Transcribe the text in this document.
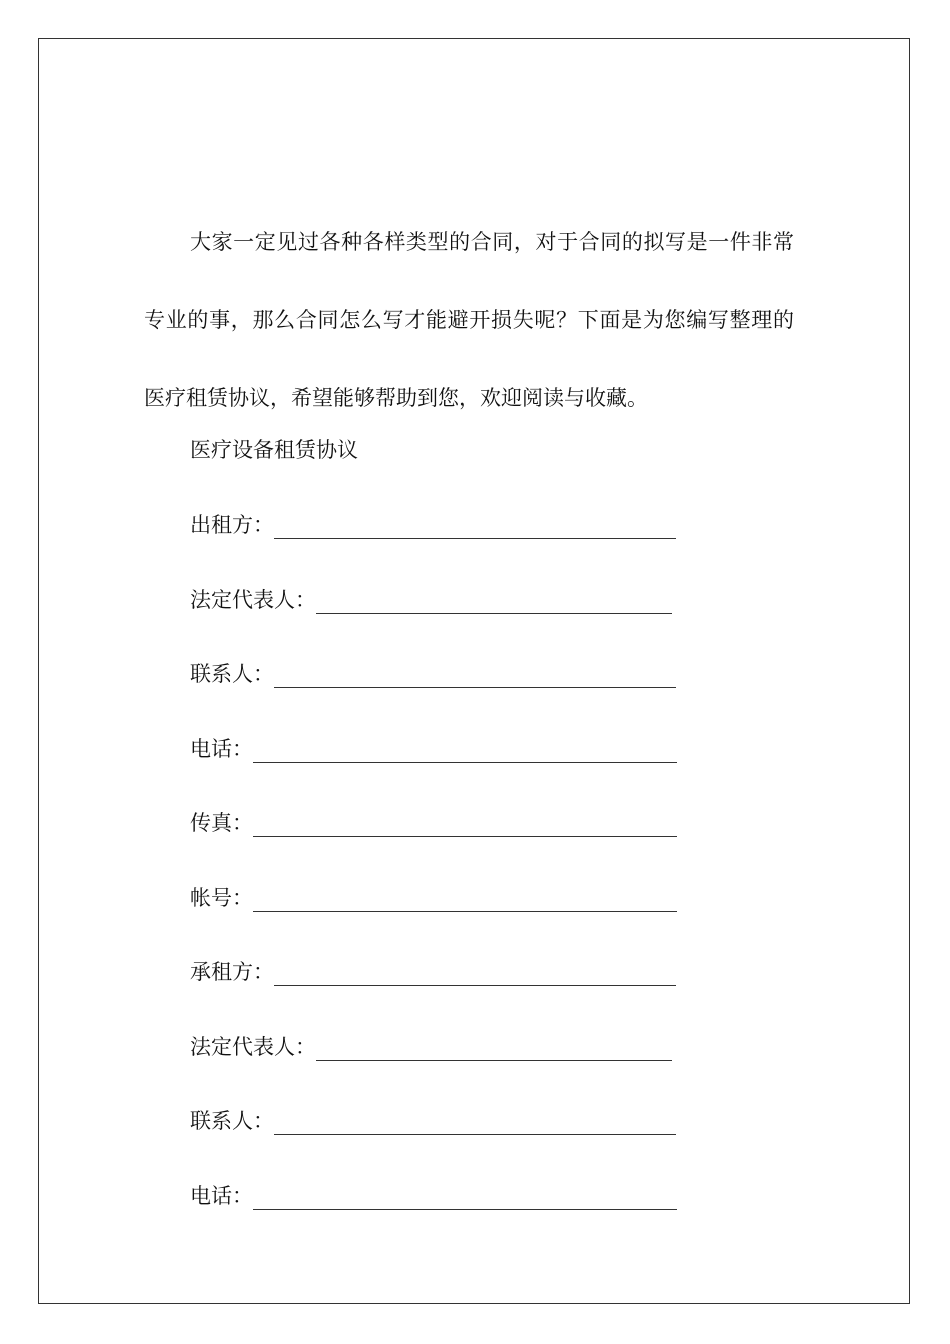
大家一定见过各种各样类型的合同，对于合同的拟写是一件非常专业的事，那么合同怎么写才能避开损失呢？下面是为您编写整理的医疗租赁协议，希望能够帮助到您，欢迎阅读与收藏。

医疗设备租赁协议
出租方：
法定代表人：
联系人：
电话：
传真：
帐号：
承租方：
法定代表人：
联系人：
电话：
